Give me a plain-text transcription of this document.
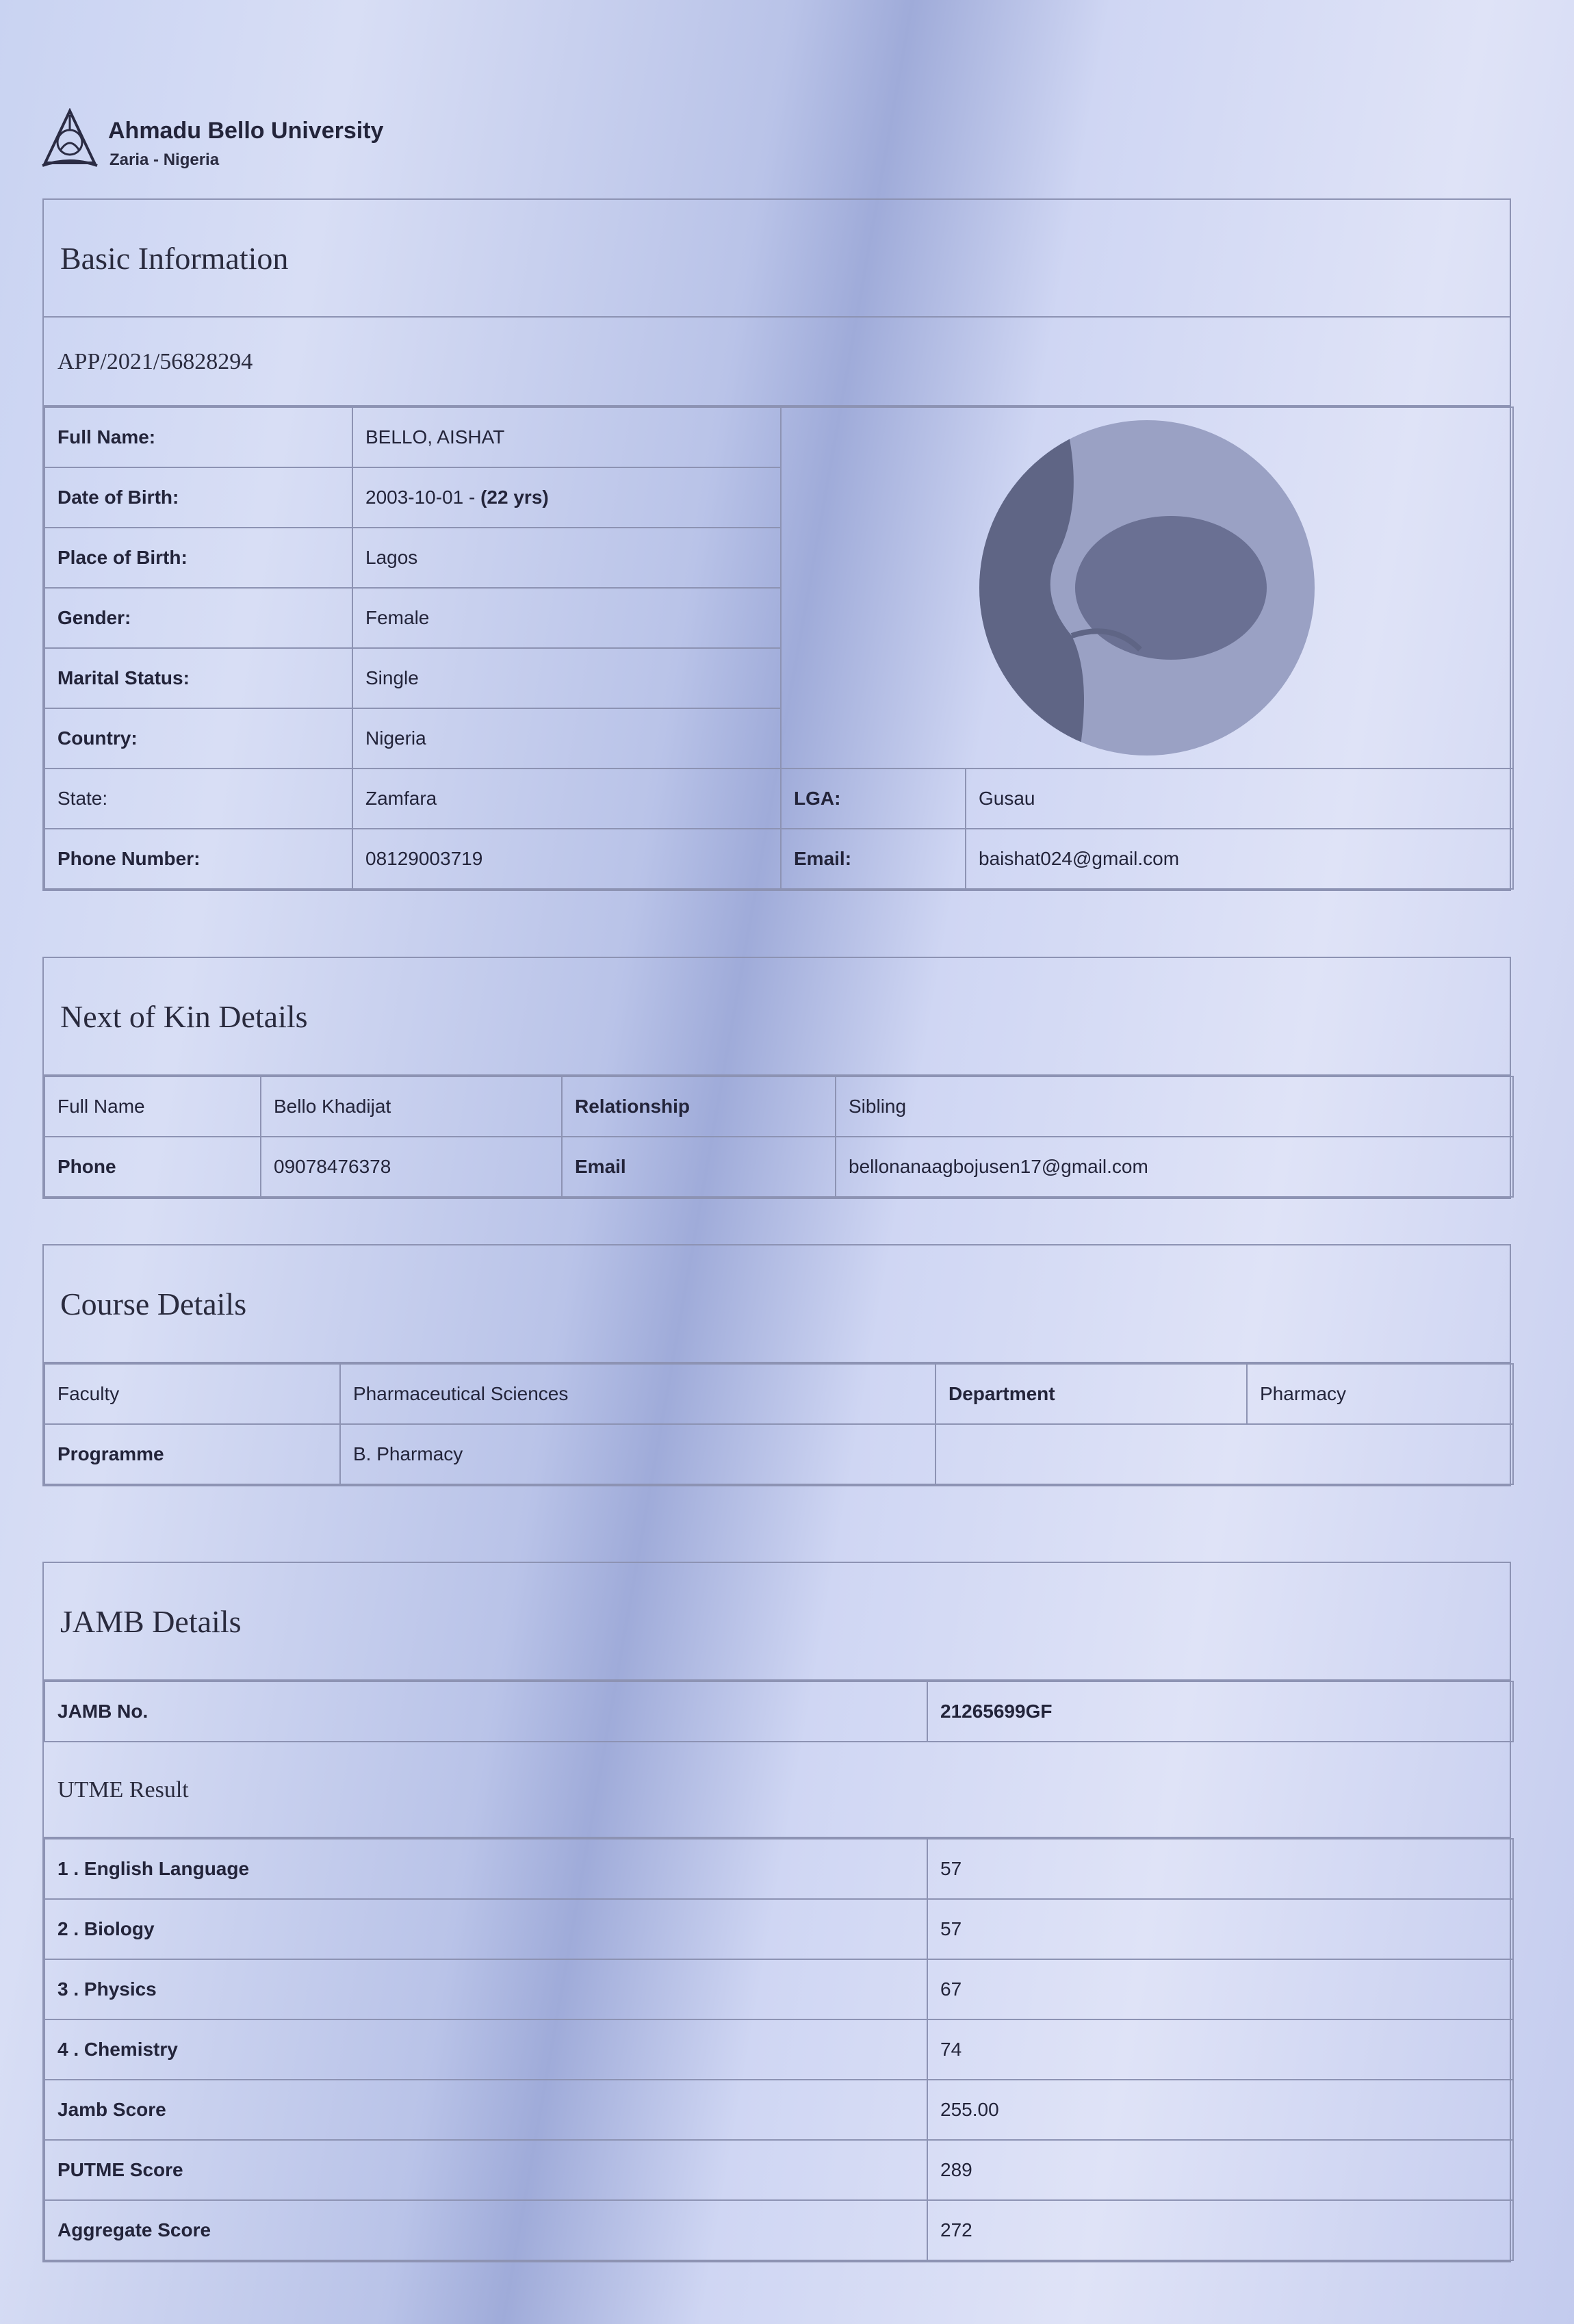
Ahmadu Bello University
Zaria - Nigeria
Basic Information
APP/2021/56828294
Full Name:	BELLO, AISHAT	

Date of Birth:	2003-10-01 - (22 yrs)		
Place of Birth:	Lagos		
Gender:	Female		
Marital Status:	Single		
Country:	Nigeria		
State:	Zamfara	LGA:	Gusau
Phone Number:	08129003719	Email:	baishat024@gmail.com
Next of Kin Details
Full Name	Bello Khadijat	Relationship	Sibling
Phone	09078476378	Email	bellonanaagbojusen17@gmail.com
Course Details
Faculty	Pharmaceutical Sciences	Department	Pharmacy
Programme	B. Pharmacy		
JAMB Details
JAMB No.	21265699GF
UTME Result
1 . English Language	57
2 . Biology	57
3 . Physics	67
4 . Chemistry	74
Jamb Score	255.00
PUTME Score	289
Aggregate Score	272
